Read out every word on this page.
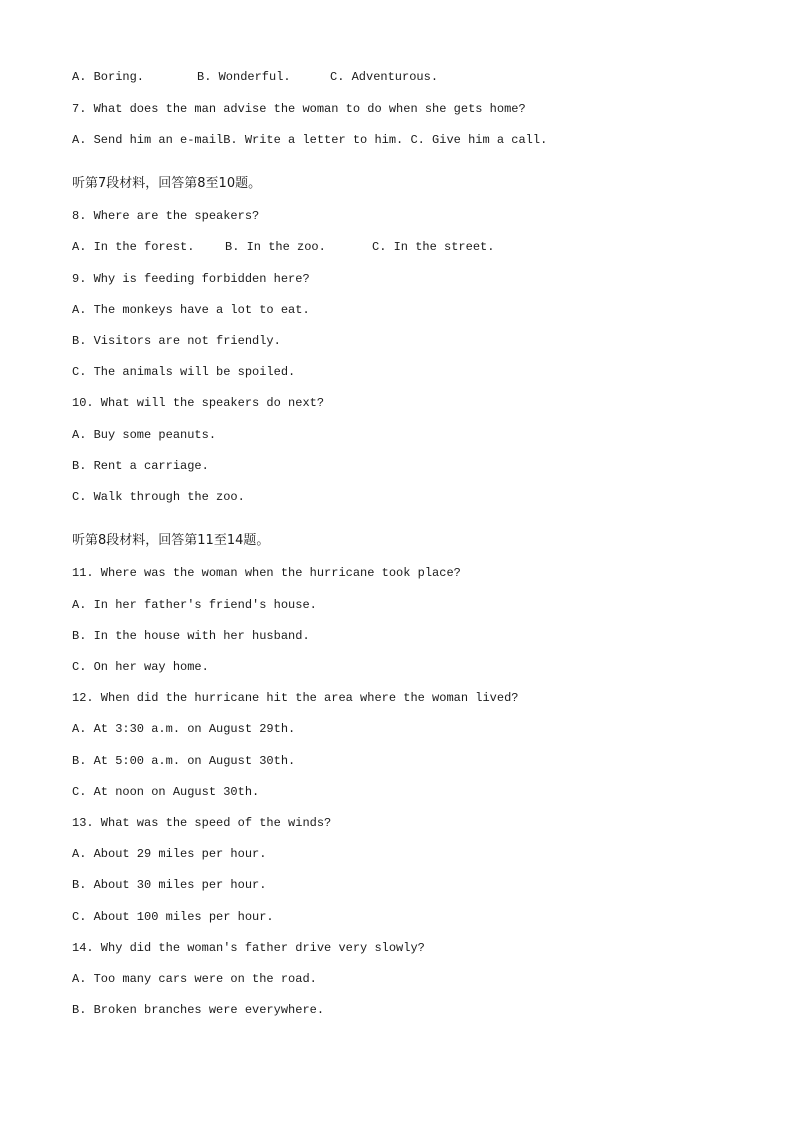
A. Boring.

	B. Wonderful.

	C. Adventurous.

7. What does the man advise the woman to do when she gets home?
A. Send him an e-mailB. Write a letter to him. C. Give him a call.
听第7段材料，回答第8至10题。
8. Where are the speakers?

A. In the forest.

	B. In the zoo.

	C. In the street.

9. Why is feeding forbidden here?
A. The monkeys have a lot to eat.
B. Visitors are not friendly.
C. The animals will be spoiled.
10. What will the speakers do next?
A. Buy some peanuts.
B. Rent a carriage.
C. Walk through the zoo.
听第8段材料，回答第11至14题。
11. Where was the woman when the hurricane took place?
A. In her father's friend's house.
B. In the house with her husband.
C. On her way home.
12. When did the hurricane hit the area where the woman lived?
A. At 3:30 a.m. on August 29th.
B. At 5:00 a.m. on August 30th.
C. At noon on August 30th.
13. What was the speed of the winds?
A. About 29 miles per hour.
B. About 30 miles per hour.
C. About 100 miles per hour.
14. Why did the woman's father drive very slowly?
A. Too many cars were on the road.
B. Broken branches were everywhere.
